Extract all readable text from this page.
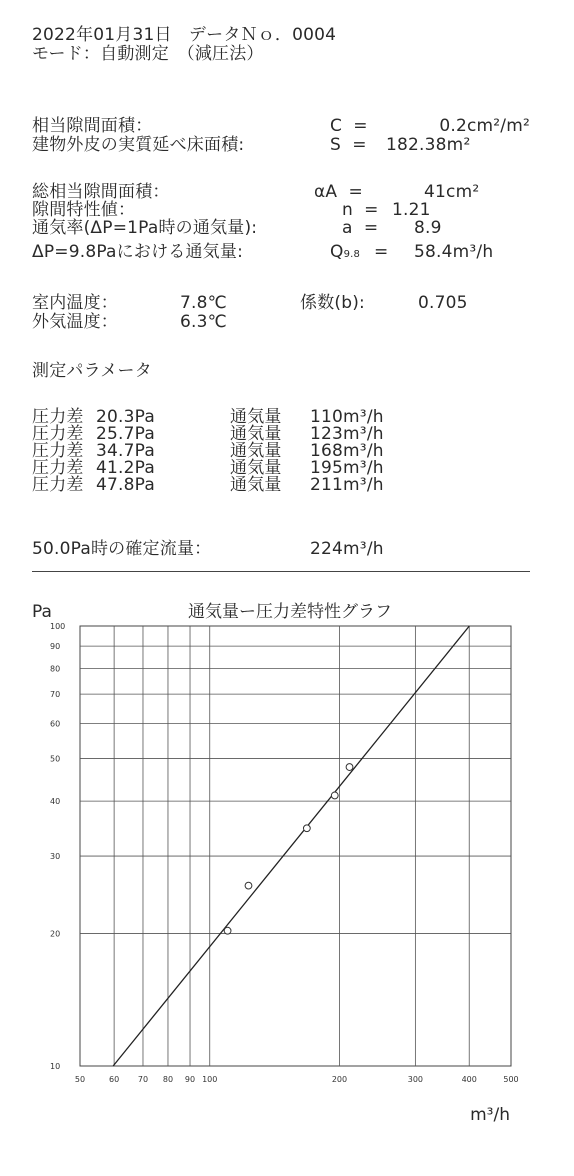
2022年01月31日　データＮｏ．0004
モード：自動測定　（減圧法）
相当隙間面積：	C  =	0.2cm²/m²
建物外皮の実質延べ床面積:	S  = 182.38m²
総相当隙間面積：	αA  =	41cm²
隙間特性値：	n  = 1.21
通気率(ΔP=1Pa時の通気量):	a  = 8.9
ΔP=9.8Paにおける通気量:	Q9.8 = 58.4m³/h
室内温度：	7.8℃	係数(b):	0.705
外気温度：	6.3℃
測定パラメータ
圧力差 20.3Pa	通気量 110m³/h
圧力差 25.7Pa	通気量 123m³/h
圧力差 34.7Pa	通気量 168m³/h
圧力差 41.2Pa	通気量 195m³/h
圧力差 47.8Pa	通気量 211m³/h
50.0Pa時の確定流量：	224m³/h
Pa	通気量ー圧力差特性グラフ
50	60 70 80 90 100	200	300	400	500
10
20
30
40
50
60
70
80
90
100
m³/h
